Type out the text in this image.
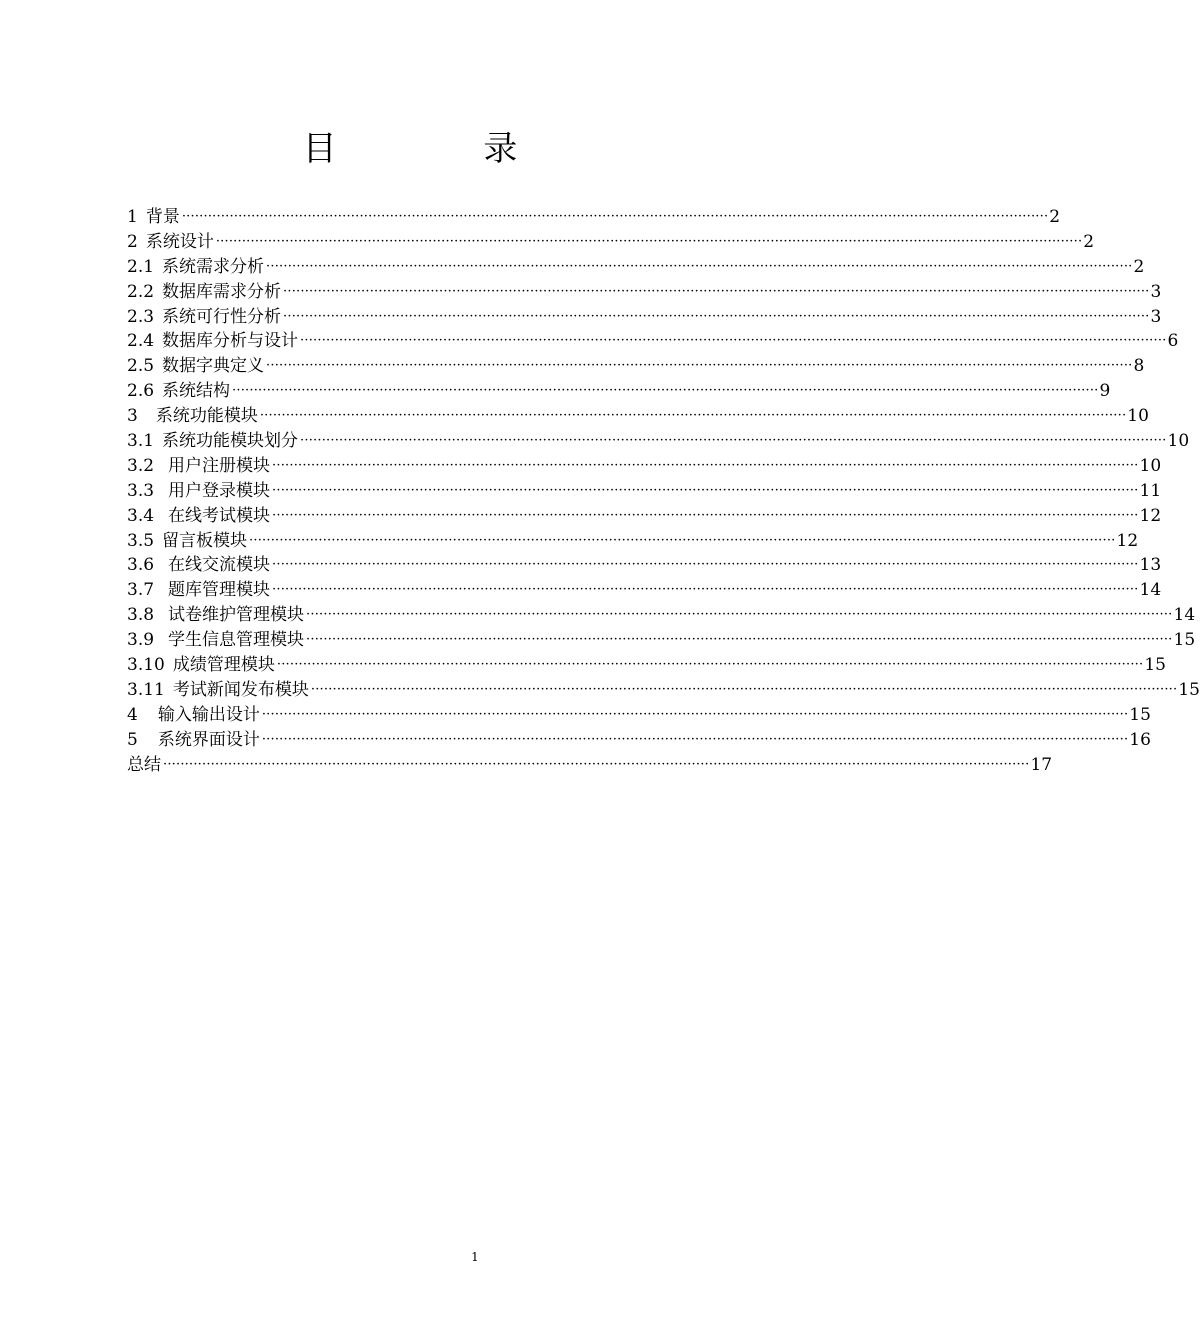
目 录
1 背景 ········································································································································································································ 2
2 系统设计 ········································································································································································································ 2
2.1 系统需求分析 ········································································································································································································ 2
2.2 数据库需求分析 ········································································································································································································ 3
2.3 系统可行性分析 ········································································································································································································ 3
2.4 数据库分析与设计 ········································································································································································································ 6
2.5 数据字典定义 ········································································································································································································ 8
2.6 系统结构 ········································································································································································································ 9
3 系统功能模块 ········································································································································································································ 10
3.1 系统功能模块划分 ········································································································································································································ 10
3.2 用户注册模块 ········································································································································································································ 10
3.3 用户登录模块 ········································································································································································································ 11
3.4 在线考试模块 ········································································································································································································ 12
3.5 留言板模块 ········································································································································································································ 12
3.6 在线交流模块 ········································································································································································································ 13
3.7 题库管理模块 ········································································································································································································ 14
3.8 试卷维护管理模块 ········································································································································································································ 14
3.9 学生信息管理模块 ········································································································································································································ 15
3.10 成绩管理模块 ········································································································································································································ 15
3.11 考试新闻发布模块 ········································································································································································································ 15
4 输入输出设计 ········································································································································································································ 15
5 系统界面设计 ········································································································································································································ 16
总结 ········································································································································································································ 17
1
